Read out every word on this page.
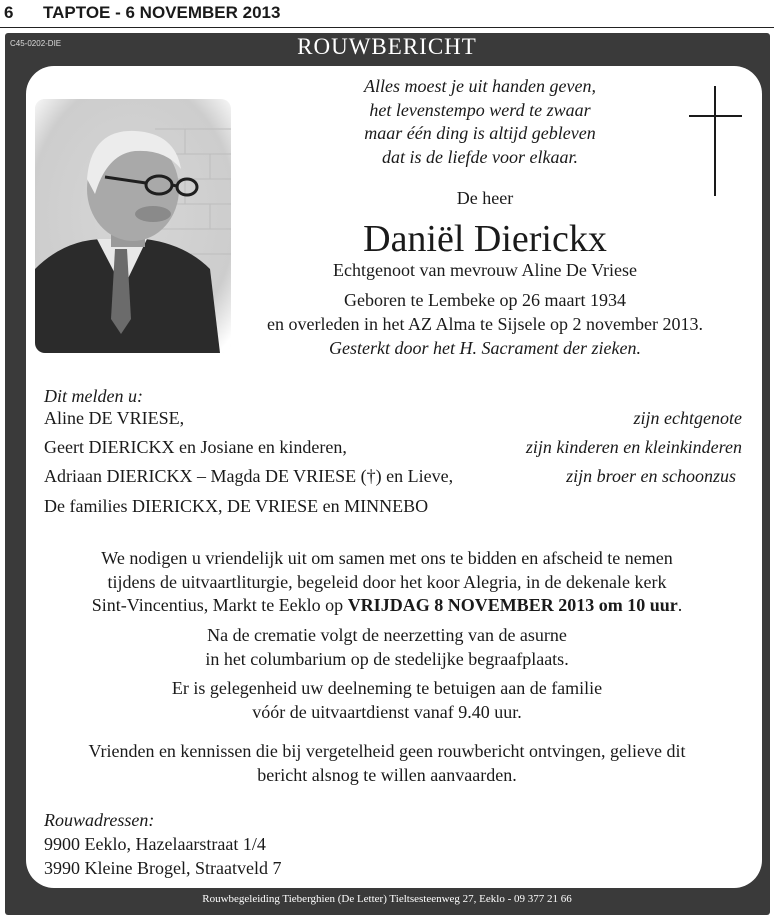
6 TAPTOE - 6 NOVEMBER 2013
C45-0202-DIE	ROUWBERICHT
Alles moest je uit handen geven,
het levenstempo werd te zwaar
maar één ding is altijd gebleven
dat is de liefde voor elkaar.
De heer
Daniël Dierickx
Echtgenoot van mevrouw Aline De Vriese
Geboren te Lembeke op 26 maart 1934
en overleden in het AZ Alma te Sijsele op 2 november 2013.
Gesterkt door het H. Sacrament der zieken.
Dit melden u:
Aline DE VRIESE,	zijn echtgenote
Geert DIERICKX en Josiane en kinderen,	zijn kinderen en kleinkinderen
Adriaan DIERICKX – Magda DE VRIESE (†) en Lieve,	zijn broer en schoonzus
De families DIERICKX, DE VRIESE en MINNEBO
We nodigen u vriendelijk uit om samen met ons te bidden en afscheid te nemen
tijdens de uitvaartliturgie, begeleid door het koor Alegria, in de dekenale kerk
Sint-Vincentius, Markt te Eeklo op VRIJDAG 8 NOVEMBER 2013 om 10 uur.
Na de crematie volgt de neerzetting van de asurne
in het columbarium op de stedelijke begraafplaats.
Er is gelegenheid uw deelneming te betuigen aan de familie
vóór de uitvaartdienst vanaf 9.40 uur.
Vrienden en kennissen die bij vergetelheid geen rouwbericht ontvingen, gelieve dit
bericht alsnog te willen aanvaarden.
Rouwadressen:
9900 Eeklo, Hazelaarstraat 1/4
3990 Kleine Brogel, Straatveld 7
Rouwbegeleiding Tieberghien (De Letter) Tieltsesteenweg 27, Eeklo - 09 377 21 66
